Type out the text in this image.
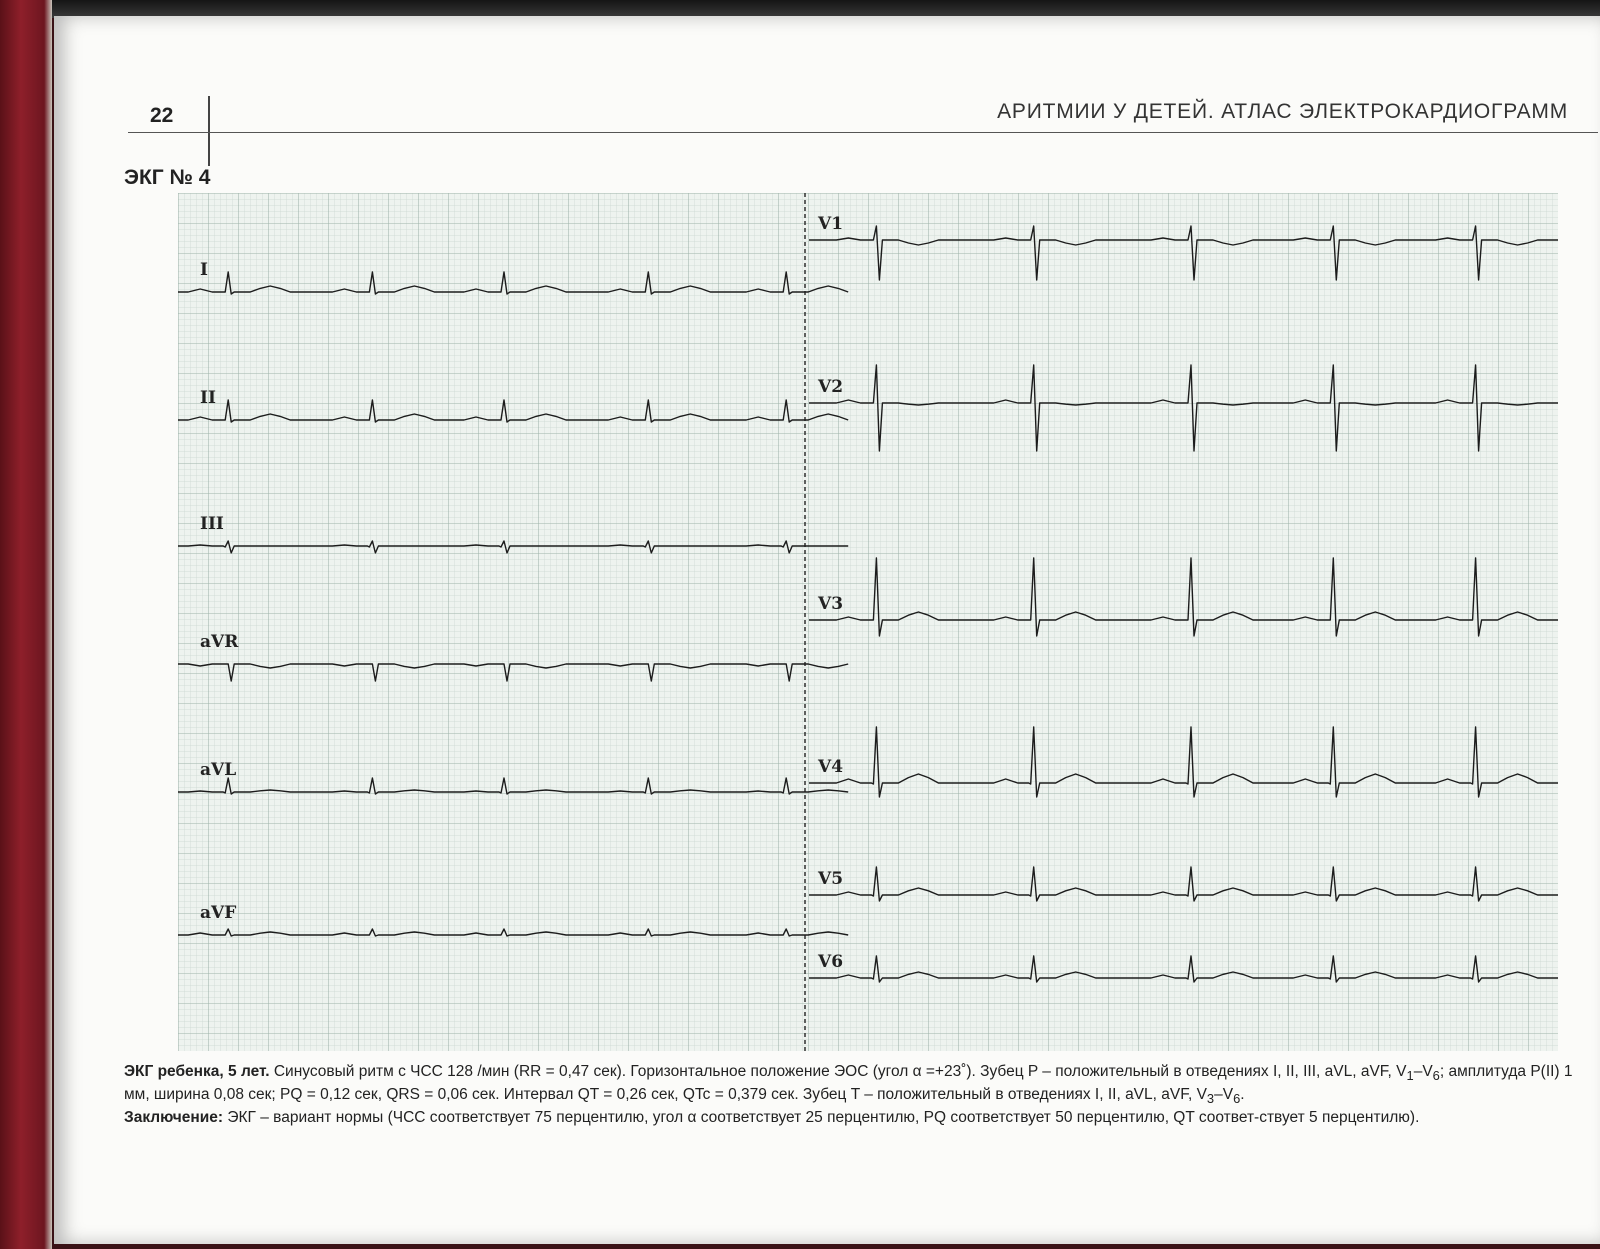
22	АРИТМИИ У ДЕТЕЙ. АТЛАС ЭЛЕКТРОКАРДИОГРАММ
ЭКГ № 4
I
II
III
aVR
aVL
aVF
V1
V2
V3
V4
V5
V6

ЭКГ ребенка, 5 лет. Синусовый ритм с ЧСС 128 /мин (RR = 0,47 сек). Горизонтальное положение ЭОС (угол α =+23˚). Зубец P – положительный в отведениях I, II, III, aVL, aVF, $V_1-V_6$; амплитуда P(II) 1 мм, ширина 0,08 сек; PQ = 0,12 сек, QRS = 0,06 сек. Интервал QT = 0,26 сек, QTc = 0,379 сек. Зубец T – положительный в отведениях I, II, aVL, aVF, $V_3-V_6$.

Заключение: ЭКГ – вариант нормы (ЧСС соответствует 75 перцентилю, угол α соответствует 25 перцентилю, PQ соответствует 50 перцентилю, QT соответ-ствует 5 перцентилю).
